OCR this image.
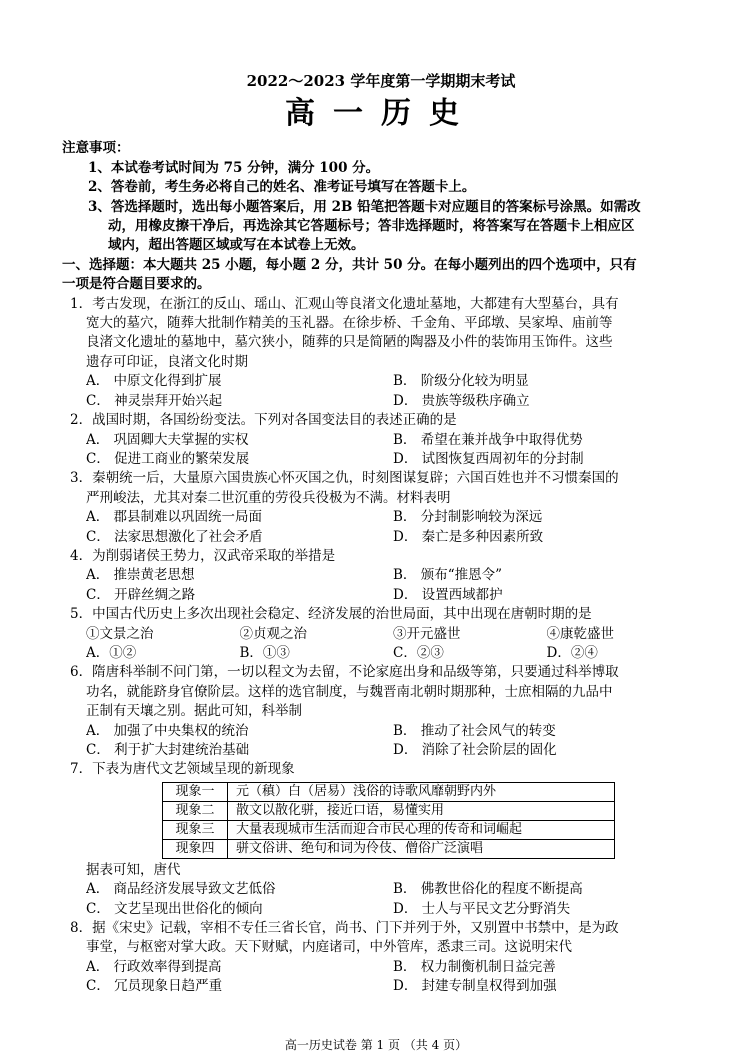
2022～2023 学年度第一学期期末考试
高一历史
注意事项：
1、本试卷考试时间为 75 分钟，满分 100 分。
2、答卷前，考生务必将自己的姓名、准考证号填写在答题卡上。
3、答选择题时，选出每小题答案后，用 2B 铅笔把答题卡对应题目的答案标号涂黑。如需改
动，用橡皮擦干净后，再选涂其它答题标号；答非选择题时，将答案写在答题卡上相应区
域内，超出答题区域或写在本试卷上无效。
一、选择题：本大题共 25 小题，每小题 2 分，共计 50 分。在每小题列出的四个选项中，只有
一项是符合题目要求的。
1．考古发现，在浙江的反山、瑶山、汇观山等良渚文化遗址墓地，大都建有大型墓台，具有
宽大的墓穴，随葬大批制作精美的玉礼器。在徐步桥、千金角、平邱墩、吴家埠、庙前等
良渚文化遗址的墓地中，墓穴狭小，随葬的只是简陋的陶器及小件的装饰用玉饰件。这些
遗存可印证，良渚文化时期
A． 中原文化得到扩展	B． 阶级分化较为明显
C． 神灵崇拜开始兴起	D． 贵族等级秩序确立
2．战国时期，各国纷纷变法。下列对各国变法目的表述正确的是
A． 巩固卿大夫掌握的实权	B． 希望在兼并战争中取得优势
C． 促进工商业的繁荣发展	D． 试图恢复西周初年的分封制
3．秦朝统一后，大量原六国贵族心怀灭国之仇，时刻图谋复辟；六国百姓也并不习惯秦国的
严刑峻法，尤其对秦二世沉重的劳役兵役极为不满。材料表明
A． 郡县制难以巩固统一局面	B． 分封制影响较为深远
C． 法家思想激化了社会矛盾	D． 秦亡是多种因素所致
4．为削弱诸侯王势力，汉武帝采取的举措是
A． 推崇黄老思想	B． 颁布“推恩令”
C． 开辟丝绸之路	D． 设置西域都护
5．中国古代历史上多次出现社会稳定、经济发展的治世局面，其中出现在唐朝时期的是
①文景之治	②贞观之治	③开元盛世	④康乾盛世
A．①②	B．①③	C．②③	D．②④
6．隋唐科举制不问门第，一切以程文为去留，不论家庭出身和品级等第，只要通过科举博取
功名，就能跻身官僚阶层。这样的选官制度，与魏晋南北朝时期那种，士庶相隔的九品中
正制有天壤之别。据此可知，科举制
A． 加强了中央集权的统治	B． 推动了社会风气的转变
C． 利于扩大封建统治基础	D． 消除了社会阶层的固化
7．下表为唐代文艺领域呈现的新现象
现象一	元（稹）白（居易）浅俗的诗歌风靡朝野内外
现象二	散文以散化骈，接近口语，易懂实用
现象三	大量表现城市生活而迎合市民心理的传奇和词崛起
现象四	骈文俗讲、绝句和词为伶伎、僧俗广泛演唱
据表可知，唐代
A． 商品经济发展导致文艺低俗	B． 佛教世俗化的程度不断提高
C． 文艺呈现出世俗化的倾向	D． 士人与平民文艺分野消失
8．据《宋史》记载，宰相不专任三省长官，尚书、门下并列于外，又别置中书禁中，是为政
事堂，与枢密对掌大政。天下财赋，内庭诸司，中外管库，悉隶三司。这说明宋代
A． 行政效率得到提高	B． 权力制衡机制日益完善
C． 冗员现象日趋严重	D． 封建专制皇权得到加强
高一历史试卷 第 1 页 （共 4 页）
